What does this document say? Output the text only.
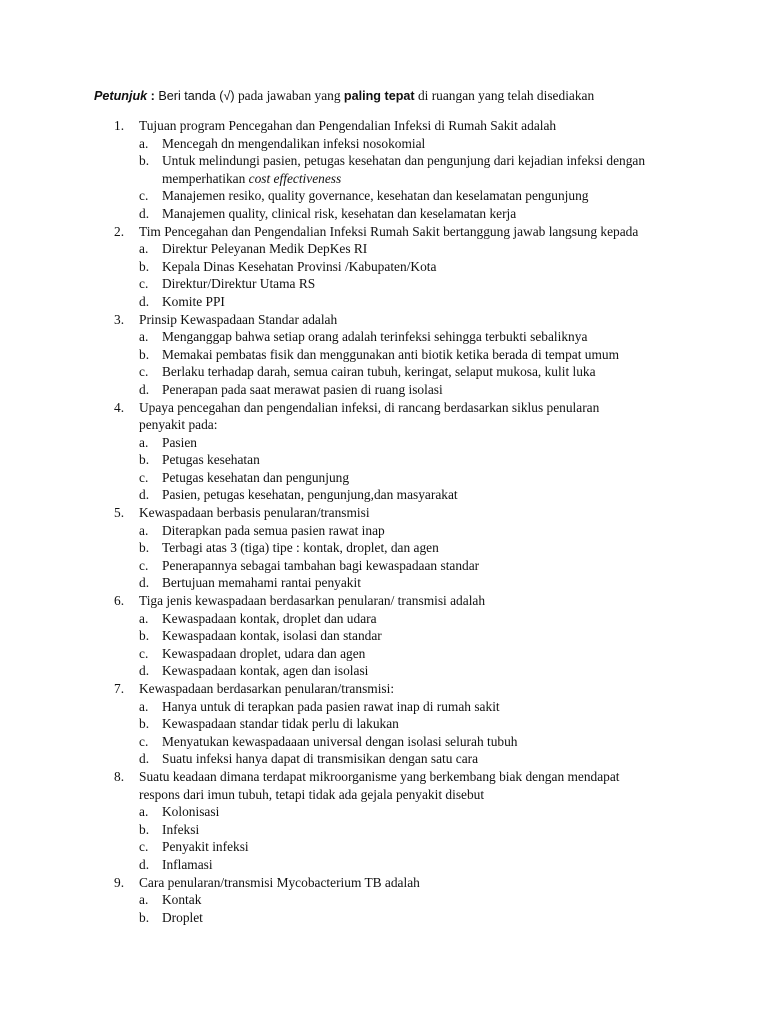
Petunjuk : Beri tanda (√) pada jawaban yang paling tepat di ruangan yang telah disediakan
1.	Tujuan program Pencegahan dan Pengendalian Infeksi di Rumah Sakit adalah
a.	Mencegah dn mengendalikan infeksi nosokomial
b. Untuk melindungi pasien, petugas kesehatan dan pengunjung dari kejadian infeksi dengan
memperhatikan cost effectiveness
c.	Manajemen resiko, quality governance, kesehatan dan keselamatan pengunjung
d. Manajemen quality, clinical risk, kesehatan dan keselamatan kerja
2.	Tim Pencegahan dan Pengendalian Infeksi Rumah Sakit bertanggung jawab langsung kepada
a.	Direktur Peleyanan Medik DepKes RI
b. Kepala Dinas Kesehatan Provinsi /Kabupaten/Kota
c.	Direktur/Direktur Utama RS
d. Komite PPI
3.	Prinsip Kewaspadaan Standar adalah
a.	Menganggap bahwa setiap orang adalah terinfeksi sehingga terbukti sebaliknya
b. Memakai pembatas fisik dan menggunakan anti biotik ketika berada di tempat umum
c.	Berlaku terhadap darah, semua cairan tubuh, keringat, selaput mukosa, kulit luka
d. Penerapan pada saat merawat pasien di ruang isolasi
4.	Upaya pencegahan dan pengendalian infeksi, di rancang berdasarkan siklus penularan
penyakit pada:
a.	Pasien
b. Petugas kesehatan
c.	Petugas kesehatan dan pengunjung
d. Pasien, petugas kesehatan, pengunjung,dan masyarakat
5.	Kewaspadaan berbasis penularan/transmisi
a.	Diterapkan pada semua pasien rawat inap
b. Terbagi atas 3 (tiga) tipe : kontak, droplet, dan agen
c.	Penerapannya sebagai tambahan bagi kewaspadaan standar
d. Bertujuan memahami rantai penyakit
6.	Tiga jenis kewaspadaan berdasarkan penularan/ transmisi adalah
a.	Kewaspadaan kontak, droplet dan udara
b. Kewaspadaan kontak, isolasi dan standar
c.	Kewaspadaan droplet, udara dan agen
d. Kewaspadaan kontak, agen dan isolasi
7.	Kewaspadaan berdasarkan penularan/transmisi:
a.	Hanya untuk di terapkan pada pasien rawat inap di rumah sakit
b. Kewaspadaan standar tidak perlu di lakukan
c.	Menyatukan kewaspadaaan universal dengan isolasi selurah tubuh
d. Suatu infeksi hanya dapat di transmisikan dengan satu cara
8.	Suatu keadaan dimana terdapat mikroorganisme yang berkembang biak dengan mendapat
respons dari imun tubuh, tetapi tidak ada gejala penyakit disebut
a.	Kolonisasi
b. Infeksi
c.	Penyakit infeksi
d. Inflamasi
9.	Cara penularan/transmisi Mycobacterium TB adalah
a.	Kontak
b. Droplet
